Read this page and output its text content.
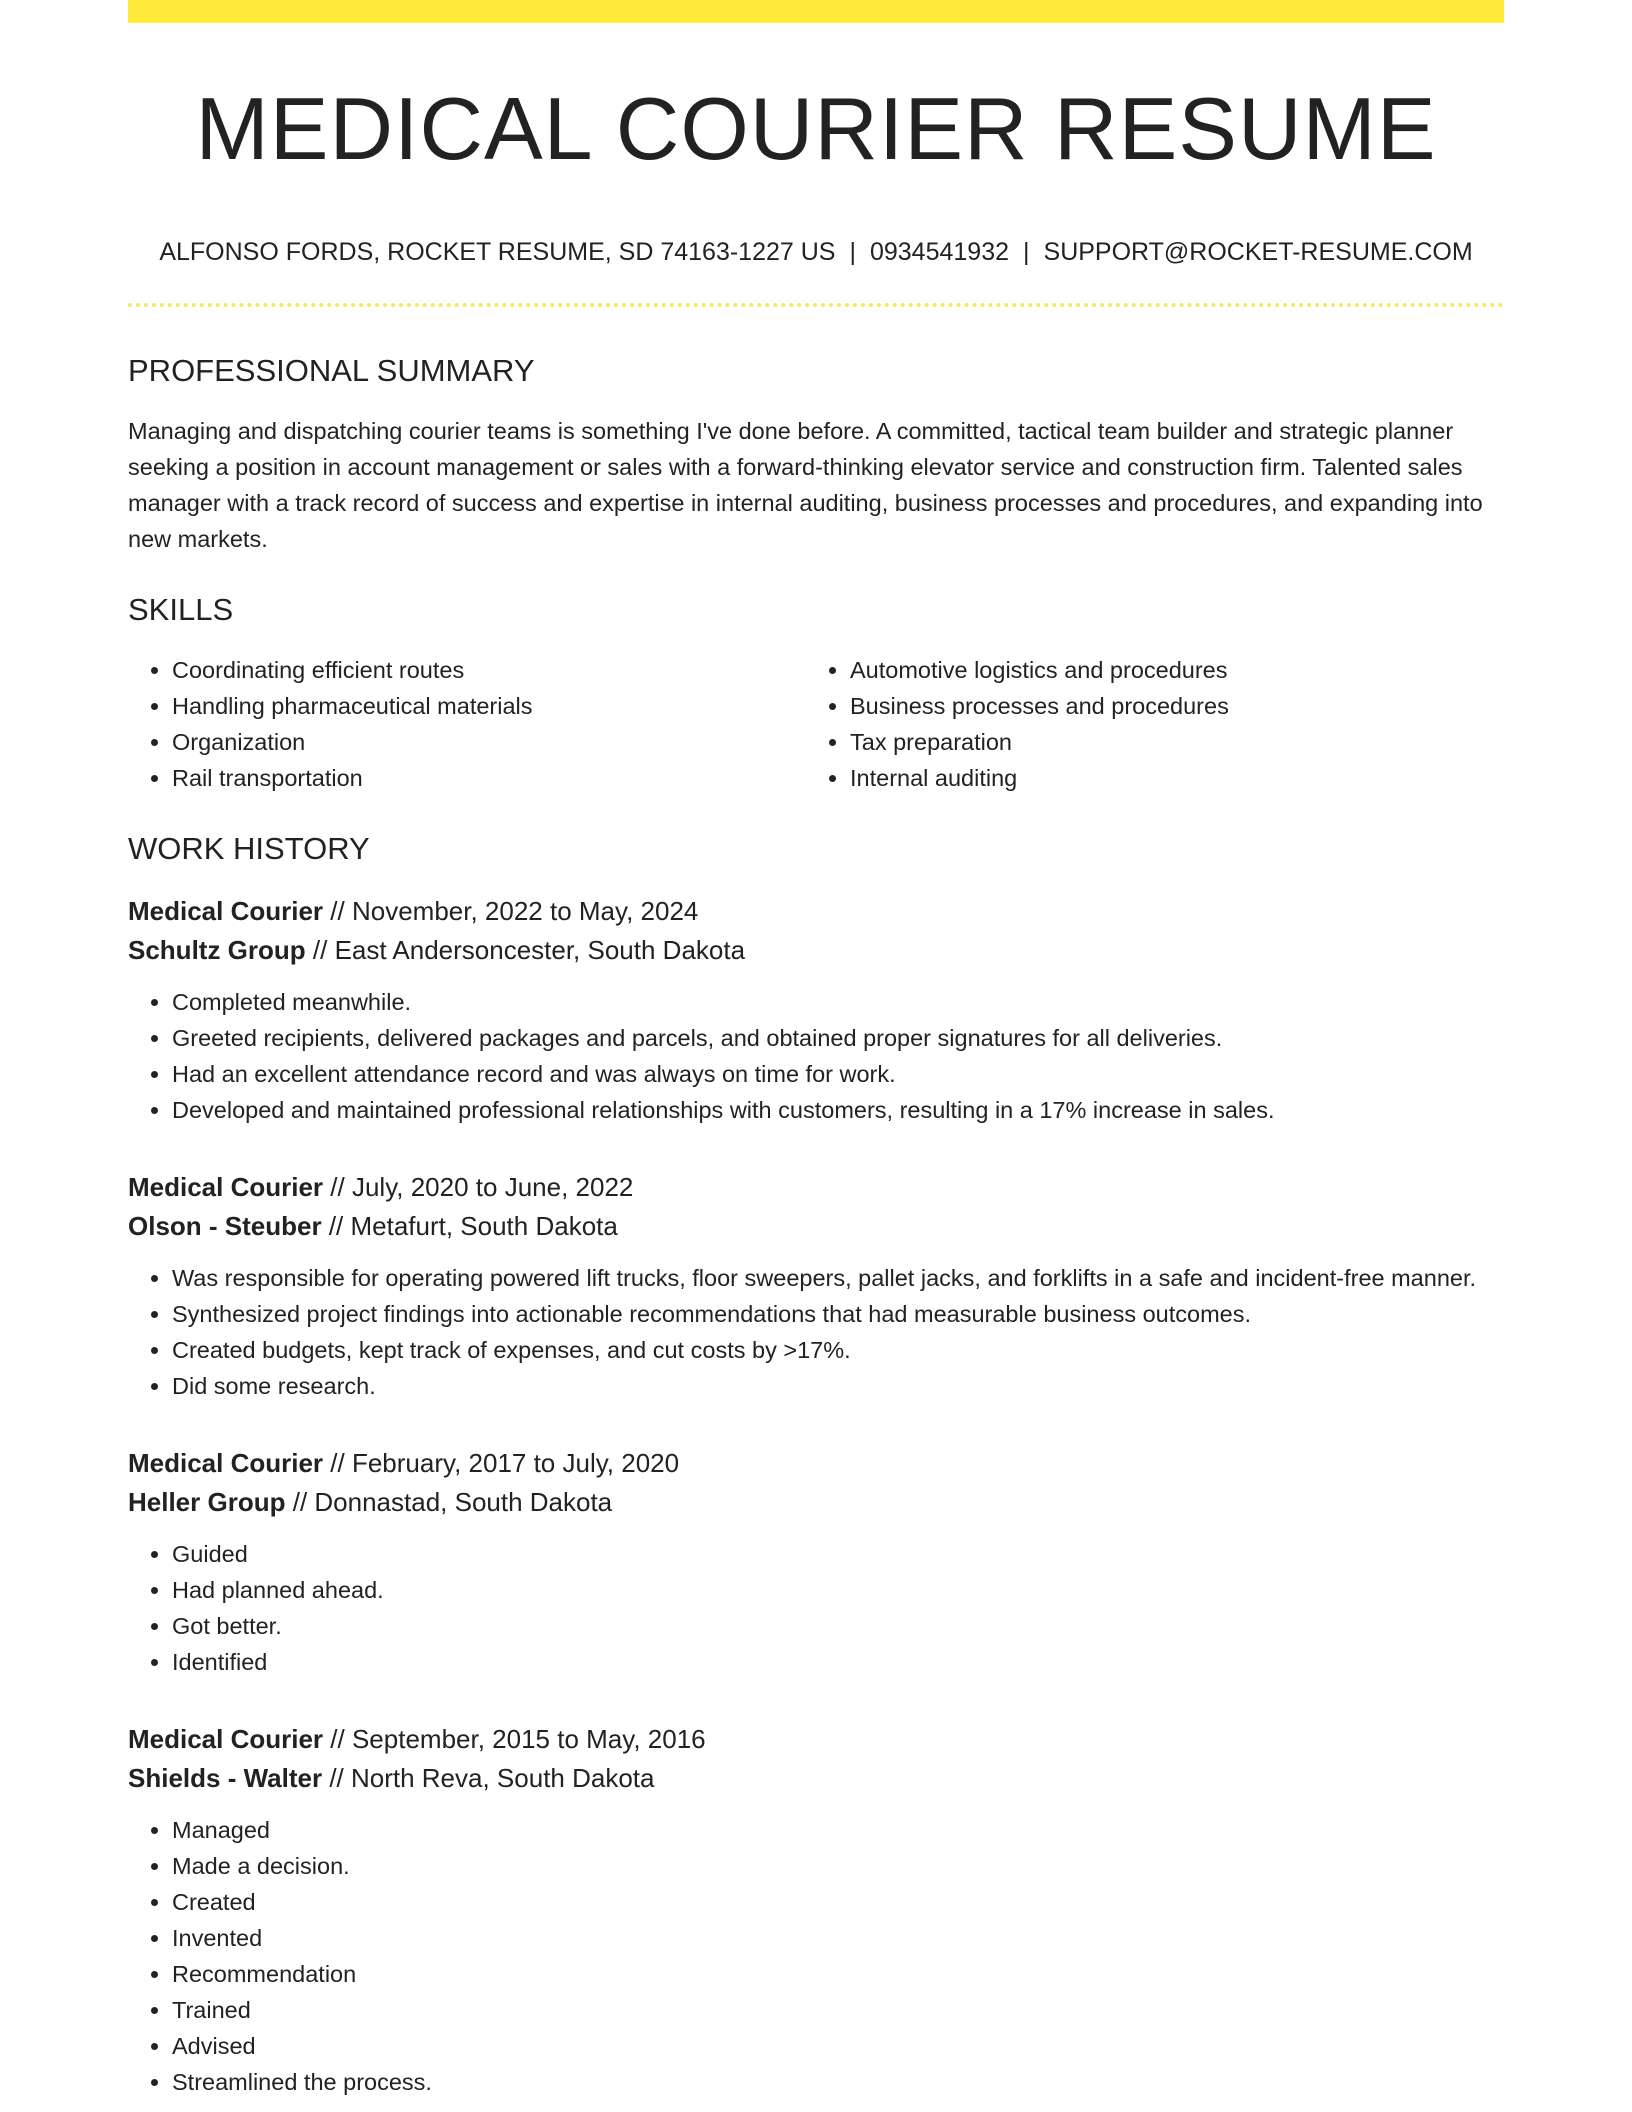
MEDICAL COURIER RESUME
ALFONSO FORDS, ROCKET RESUME, SD 74163-1227 US | 0934541932 | SUPPORT@ROCKET-RESUME.COM
PROFESSIONAL SUMMARY

Managing and dispatching courier teams is something I've done before. A committed, tactical team builder and strategic planner seeking a position in account management or sales with a forward-thinking elevator service and construction firm. Talented sales manager with a track record of success and expertise in internal auditing, business processes and procedures, and expanding into new markets.

SKILLS
• Coordinating efficient routes
• Handling pharmaceutical materials
• Organization
• Rail transportation
• Automotive logistics and procedures
• Business processes and procedures
• Tax preparation
• Internal auditing
WORK HISTORY
Medical Courier // November, 2022 to May, 2024
Schultz Group // East Andersoncester, South Dakota
• Completed meanwhile.
• Greeted recipients, delivered packages and parcels, and obtained proper signatures for all deliveries.
• Had an excellent attendance record and was always on time for work.
• Developed and maintained professional relationships with customers, resulting in a 17% increase in sales.
Medical Courier // July, 2020 to June, 2022
Olson - Steuber // Metafurt, South Dakota
• Was responsible for operating powered lift trucks, floor sweepers, pallet jacks, and forklifts in a safe and incident-free manner.
• Synthesized project findings into actionable recommendations that had measurable business outcomes.
• Created budgets, kept track of expenses, and cut costs by >17%.
• Did some research.
Medical Courier // February, 2017 to July, 2020
Heller Group // Donnastad, South Dakota
• Guided
• Had planned ahead.
• Got better.
• Identified
Medical Courier // September, 2015 to May, 2016
Shields - Walter // North Reva, South Dakota
• Managed
• Made a decision.
• Created
• Invented
• Recommendation
• Trained
• Advised
• Streamlined the process.
